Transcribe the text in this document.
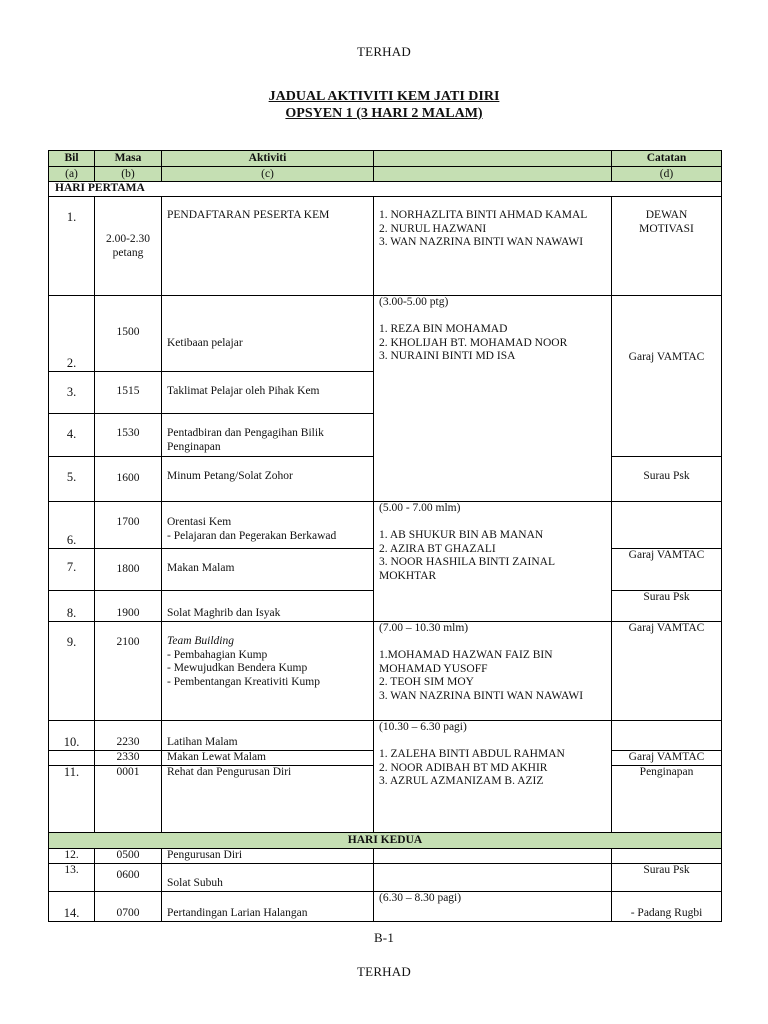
TERHAD
JADUAL AKTIVITI KEM JATI DIRI
OPSYEN 1 (3 HARI 2 MALAM)
Bil	Masa	Aktiviti		Catatan
(a)	(b)	(c)		(d)
HARI PERTAMA				
1.	2.00-2.30 petang	PENDAFTARAN PESERTA KEM	1. NORHAZLITA BINTI AHMAD KAMAL
2. NURUL HAZWANI
3. WAN NAZRINA BINTI WAN NAWAWI	DEWAN MOTIVASI
2.	1500	Ketibaan pelajar	(3.00-5.00 ptg)

1. REZA BIN MOHAMAD
2. KHOLIJAH BT. MOHAMAD NOOR
3. NURAINI BINTI MD ISA	Garaj VAMTAC
3.	1515	Taklimat Pelajar oleh Pihak Kem		
4.	1530	Pentadbiran dan Pengagihan Bilik Penginapan		
5.	1600	Minum Petang/Solat Zohor		Surau Psk
6.	1700	Orentasi Kem
- Pelajaran dan Pegerakan Berkawad	(5.00 - 7.00 mlm)

1. AB SHUKUR BIN AB MANAN
2. AZIRA BT GHAZALI
3. NOOR HASHILA BINTI ZAINAL MOKHTAR	

7.	1800	Makan Malam		Garaj VAMTAC
8.	1900	Solat Maghrib dan Isyak		Surau Psk
9.	2100	Team Building
- Pembahagian Kump
- Mewujudkan Bendera Kump
- Pembentangan Kreativiti Kump	(7.00 – 10.30 mlm)

1.MOHAMAD HAZWAN FAIZ BIN MOHAMAD YUSOFF
2. TEOH SIM MOY
3. WAN NAZRINA BINTI WAN NAWAWI	Garaj VAMTAC
10.	2230	Latihan Malam	(10.30 – 6.30 pagi)

1. ZALEHA BINTI ABDUL RAHMAN
2. NOOR ADIBAH BT MD AKHIR
3. AZRUL AZMANIZAM B. AZIZ	

	2330	Makan Lewat Malam		Garaj VAMTAC
11.	0001	Rehat dan Pengurusan Diri		Penginapan
HARI KEDUA				
12.	0500	Pengurusan Diri		
13.	0600	Solat Subuh		Surau Psk
14.	0700	Pertandingan Larian Halangan	(6.30 – 8.30 pagi)	- Padang Rugbi
B-1
TERHAD
